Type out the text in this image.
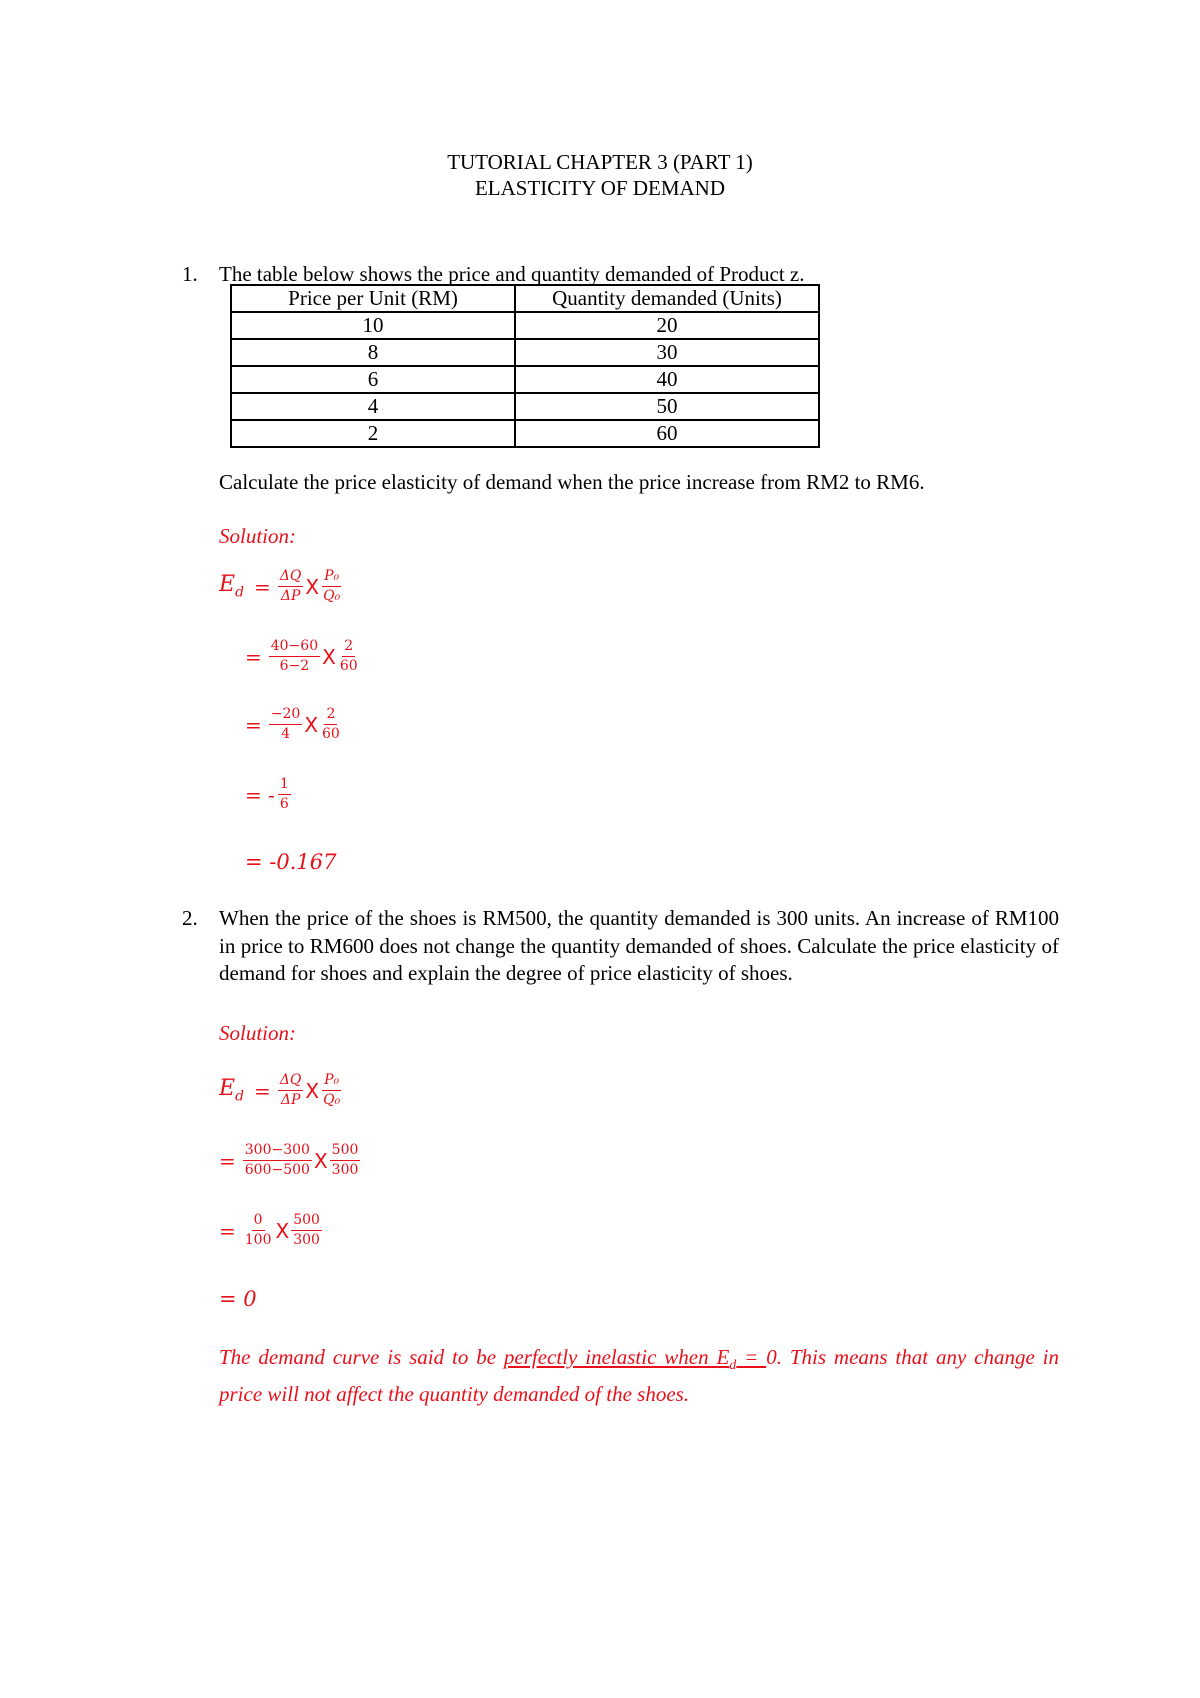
TUTORIAL CHAPTER 3 (PART 1)
ELASTICITY OF DEMAND
1. The table below shows the price and quantity demanded of Product z.
Price per Unit (RM)	Quantity demanded (Units)
10	20
8	30
6	40
4	50
2	60
Calculate the price elasticity of demand when the price increase from RM2 to RM6.
Solution:
$E_d = \frac{\Delta Q}{\Delta P}$ X $\frac{\text{P₀}}{\text{Q₀}}$
= $\frac{40-60}{6-2}$ X $\frac{2}{60}$
= $\frac{-20}{4}$ X $\frac{2}{60}$
= - $\frac{1}{6}$
= -0.167
2. When the price of the shoes is RM500, the quantity demanded is 300 units. An increase of RM100 in price to RM600 does not change the quantity demanded of shoes. Calculate the price elasticity of demand for shoes and explain the degree of price elasticity of shoes.
Solution:
$E_d = \frac{\Delta Q}{\Delta P}$ X $\frac{\text{P₀}}{\text{Q₀}}$
= $\frac{300-300}{600-500}$ X $\frac{500}{300}$
= $\frac{0}{100}$ X $\frac{500}{300}$
= 0
The demand curve is said to be perfectly inelastic when $E_d = 0$. This means that any change in price will not affect the quantity demanded of the shoes.
